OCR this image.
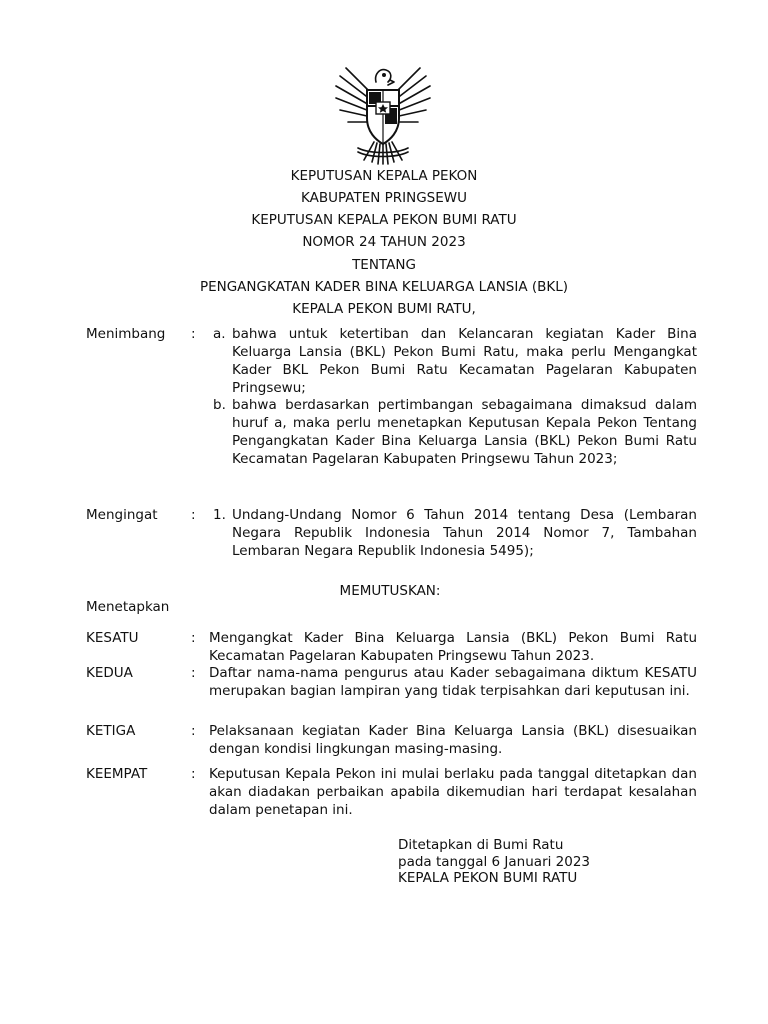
KEPUTUSAN KEPALA PEKON
KABUPATEN PRINGSEWU
KEPUTUSAN KEPALA PEKON BUMI RATU
NOMOR 24 TAHUN 2023
TENTANG
PENGANGKATAN KADER BINA KELUARGA LANSIA (BKL)
KEPALA PEKON BUMI RATU,
Menimbang : a. bahwa untuk ketertiban dan Kelancaran kegiatan Kader Bina Keluarga Lansia (BKL) Pekon Bumi Ratu, maka perlu Mengangkat Kader BKL Pekon Bumi Ratu Kecamatan Pagelaran Kabupaten Pringsewu;
b. bahwa berdasarkan pertimbangan sebagaimana dimaksud dalam huruf a, maka perlu menetapkan Keputusan Kepala Pekon Tentang Pengangkatan Kader Bina Keluarga Lansia (BKL) Pekon Bumi Ratu Kecamatan Pagelaran Kabupaten Pringsewu Tahun 2023;
Mengingat : 1. Undang-Undang Nomor 6 Tahun 2014 tentang Desa (Lembaran Negara Republik Indonesia Tahun 2014 Nomor 7, Tambahan Lembaran Negara Republik Indonesia 5495);
MEMUTUSKAN:
Menetapkan
KESATU	: Mengangkat Kader Bina Keluarga Lansia (BKL) Pekon Bumi Ratu Kecamatan Pagelaran Kabupaten Pringsewu Tahun 2023.
KEDUA	: Daftar nama-nama pengurus atau Kader sebagaimana diktum KESATU merupakan bagian lampiran yang tidak terpisahkan dari keputusan ini.
KETIGA	: Pelaksanaan kegiatan Kader Bina Keluarga Lansia (BKL) disesuaikan dengan kondisi lingkungan masing-masing.
KEEMPAT	: Keputusan Kepala Pekon ini mulai berlaku pada tanggal ditetapkan dan akan diadakan perbaikan apabila dikemudian hari terdapat kesalahan dalam penetapan ini.
Ditetapkan di Bumi Ratu
pada tanggal 6 Januari 2023
KEPALA PEKON BUMI RATU
